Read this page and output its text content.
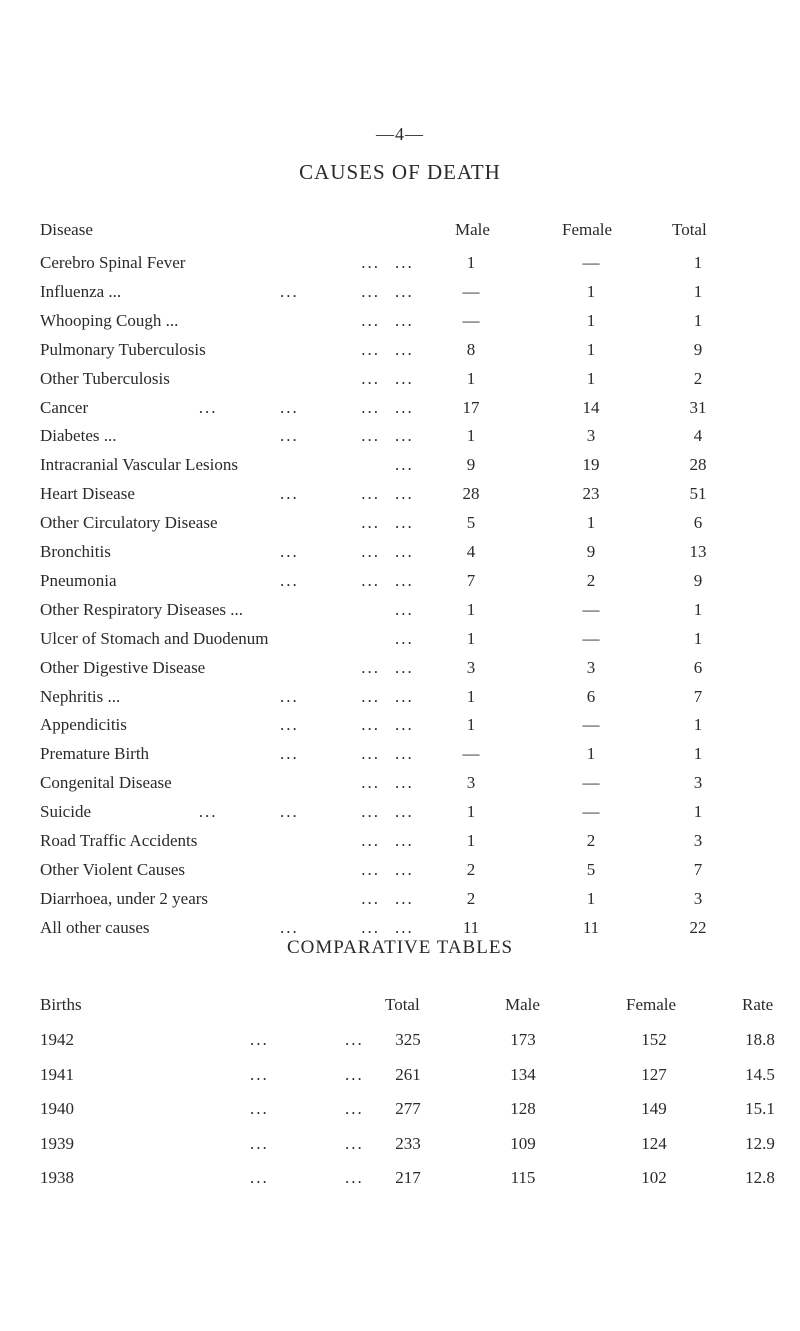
—4—
CAUSES OF DEATH
Disease	Male	Female	Total
Cerebro Spinal Fever	... ...	1	—	1
Influenza ...	...          ... ...	—	1	1
Whooping Cough ...	... ...	—	1	1
Pulmonary Tuberculosis	... ...	8	1	9
Other Tuberculosis	... ...	1	1	2
Cancer	...          ...          ... ...	17	14	31
Diabetes ...	...          ... ...	1	3	4
Intracranial Vascular Lesions	...	9	19	28
Heart Disease	...          ... ...	28	23	51
Other Circulatory Disease	... ...	5	1	6
Bronchitis	...          ... ...	4	9	13
Pneumonia	...          ... ...	7	2	9
Other Respiratory Diseases ...	...	1	—	1
Ulcer of Stomach and Duodenum	...	1	—	1
Other Digestive Disease	... ...	3	3	6
Nephritis ...	...          ... ...	1	6	7
Appendicitis	...          ... ...	1	—	1
Premature Birth	...          ... ...	—	1	1
Congenital Disease	... ...	3	—	3
Suicide	...          ...          ... ...	1	—	1
Road Traffic Accidents	... ...	1	2	3
Other Violent Causes	... ...	2	5	7
Diarrhoea, under 2 years	... ...	2	1	3
All other causes	...          ... ...	11	11	22
COMPARATIVE TABLES
Births	Total	Male	Female	Rate
1942	...	325	173	152	18.8
...
1941	...	261	134	127	14.5
...
1940	...	277	128	149	15.1
...
1939	...	233	109	124	12.9
...
1938	...	217	115	102	12.8
...
